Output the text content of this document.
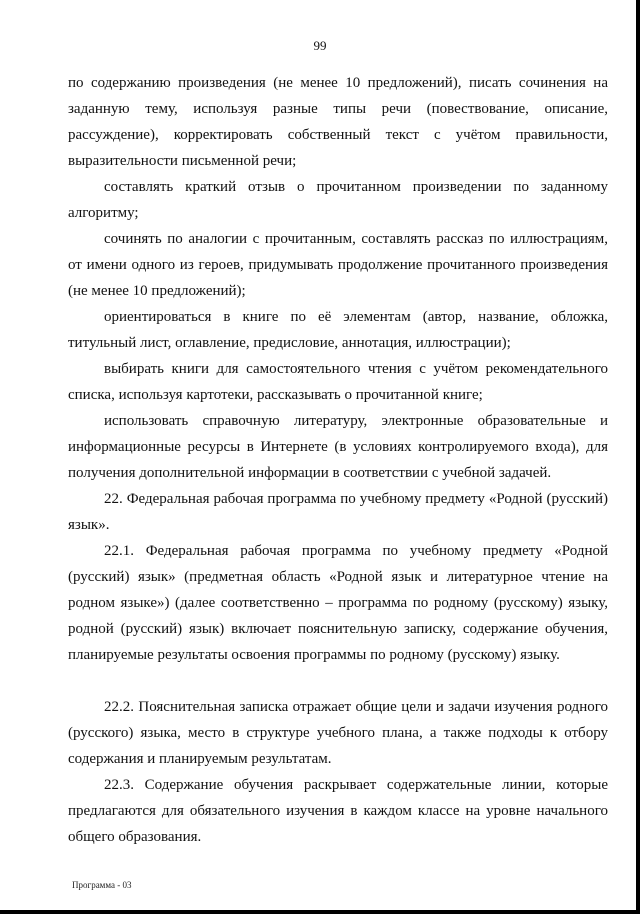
99

по содержанию произведения (не менее 10 предложений), писать сочинения на заданную тему, используя разные типы речи (повествование, описание, рассуждение), корректировать собственный текст с учётом правильности, выразительности письменной речи;

составлять краткий отзыв о прочитанном произведении по заданному алгоритму;

сочинять по аналогии с прочитанным, составлять рассказ по иллюстрациям, от имени одного из героев, придумывать продолжение прочитанного произведения (не менее 10 предложений);

ориентироваться в книге по её элементам (автор, название, обложка, титульный лист, оглавление, предисловие, аннотация, иллюстрации);

выбирать книги для самостоятельного чтения с учётом рекомендательного списка, используя картотеки, рассказывать о прочитанной книге;

использовать справочную литературу, электронные образовательные и информационные ресурсы в Интернете (в условиях контролируемого входа), для получения дополнительной информации в соответствии с учебной задачей.

22. Федеральная рабочая программа по учебному предмету «Родной (русский) язык».

22.1. Федеральная рабочая программа по учебному предмету «Родной (русский) язык» (предметная область «Родной язык и литературное чтение на родном языке») (далее соответственно – программа по родному (русскому) языку, родной (русский) язык) включает пояснительную записку, содержание обучения, планируемые результаты освоения программы по родному (русскому) языку.

22.2. Пояснительная записка отражает общие цели и задачи изучения родного (русского) языка, место в структуре учебного плана, а также подходы к отбору содержания и планируемым результатам.

22.3. Содержание обучения раскрывает содержательные линии, которые предлагаются для обязательного изучения в каждом классе на уровне начального общего образования.

Программа - 03
